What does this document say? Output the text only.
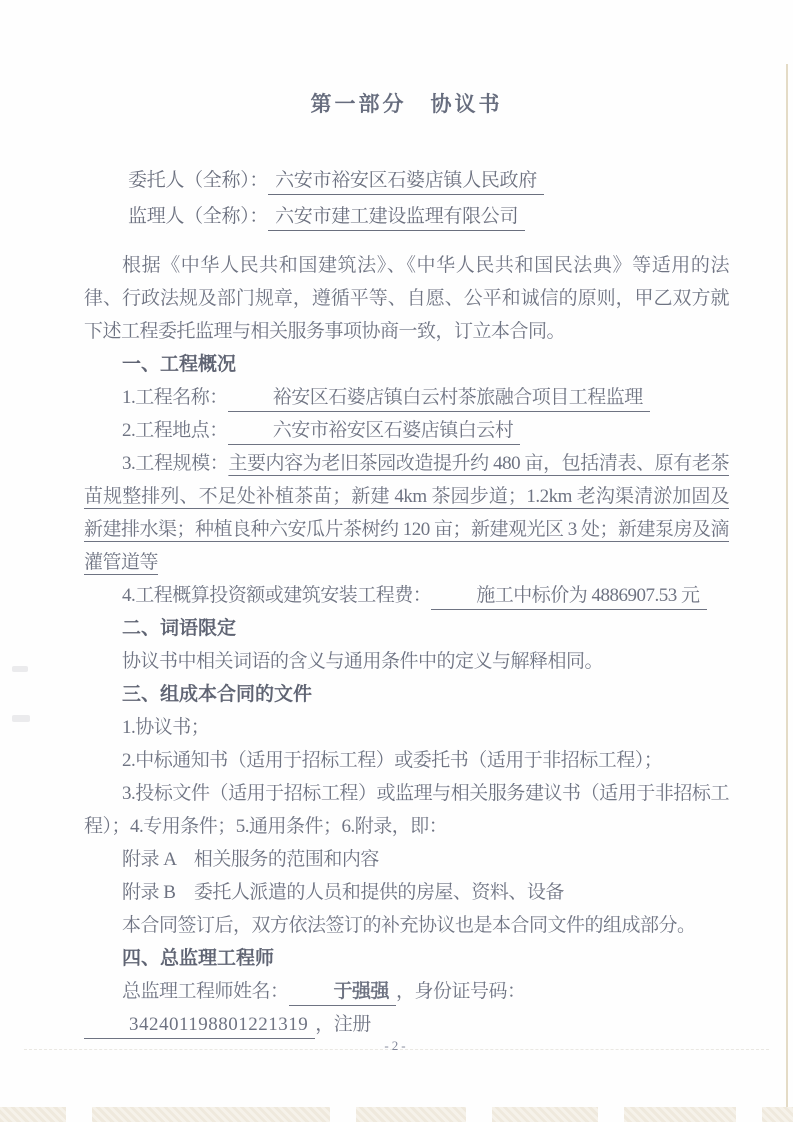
第一部分　协议书

委托人（全称）： 六安市裕安区石婆店镇人民政府

监理人（全称）： 六安市建工建设监理有限公司

根据《中华人民共和国建筑法》、《中华人民共和国民法典》等适用的法律、行政法规及部门规章，遵循平等、自愿、公平和诚信的原则，甲乙双方就下述工程委托监理与相关服务事项协商一致，订立本合同。

一、工程概况

1.工程名称： 裕安区石婆店镇白云村茶旅融合项目工程监理

2.工程地点： 六安市裕安区石婆店镇白云村

3.工程规模：主要内容为老旧茶园改造提升约 480 亩，包括清表、原有老茶苗规整排列、不足处补植茶苗；新建 4km 茶园步道；1.2km 老沟渠清淤加固及新建排水渠；种植良种六安瓜片茶树约 120 亩；新建观光区 3 处；新建泵房及滴灌管道等

4.工程概算投资额或建筑安装工程费： 施工中标价为 4886907.53 元

二、词语限定

协议书中相关词语的含义与通用条件中的定义与解释相同。

三、组成本合同的文件

1.协议书；

2.中标通知书（适用于招标工程）或委托书（适用于非招标工程）；

3.投标文件（适用于招标工程）或监理与相关服务建议书（适用于非招标工程）；4.专用条件；5.通用条件；6.附录，即：

附录 A　相关服务的范围和内容

附录 B　委托人派遣的人员和提供的房屋、资料、设备

本合同签订后，双方依法签订的补充协议也是本合同文件的组成部分。

四、总监理工程师

总监理工程师姓名： 于强强 ，身份证号码：342401198801221319 ，注册

-2-
